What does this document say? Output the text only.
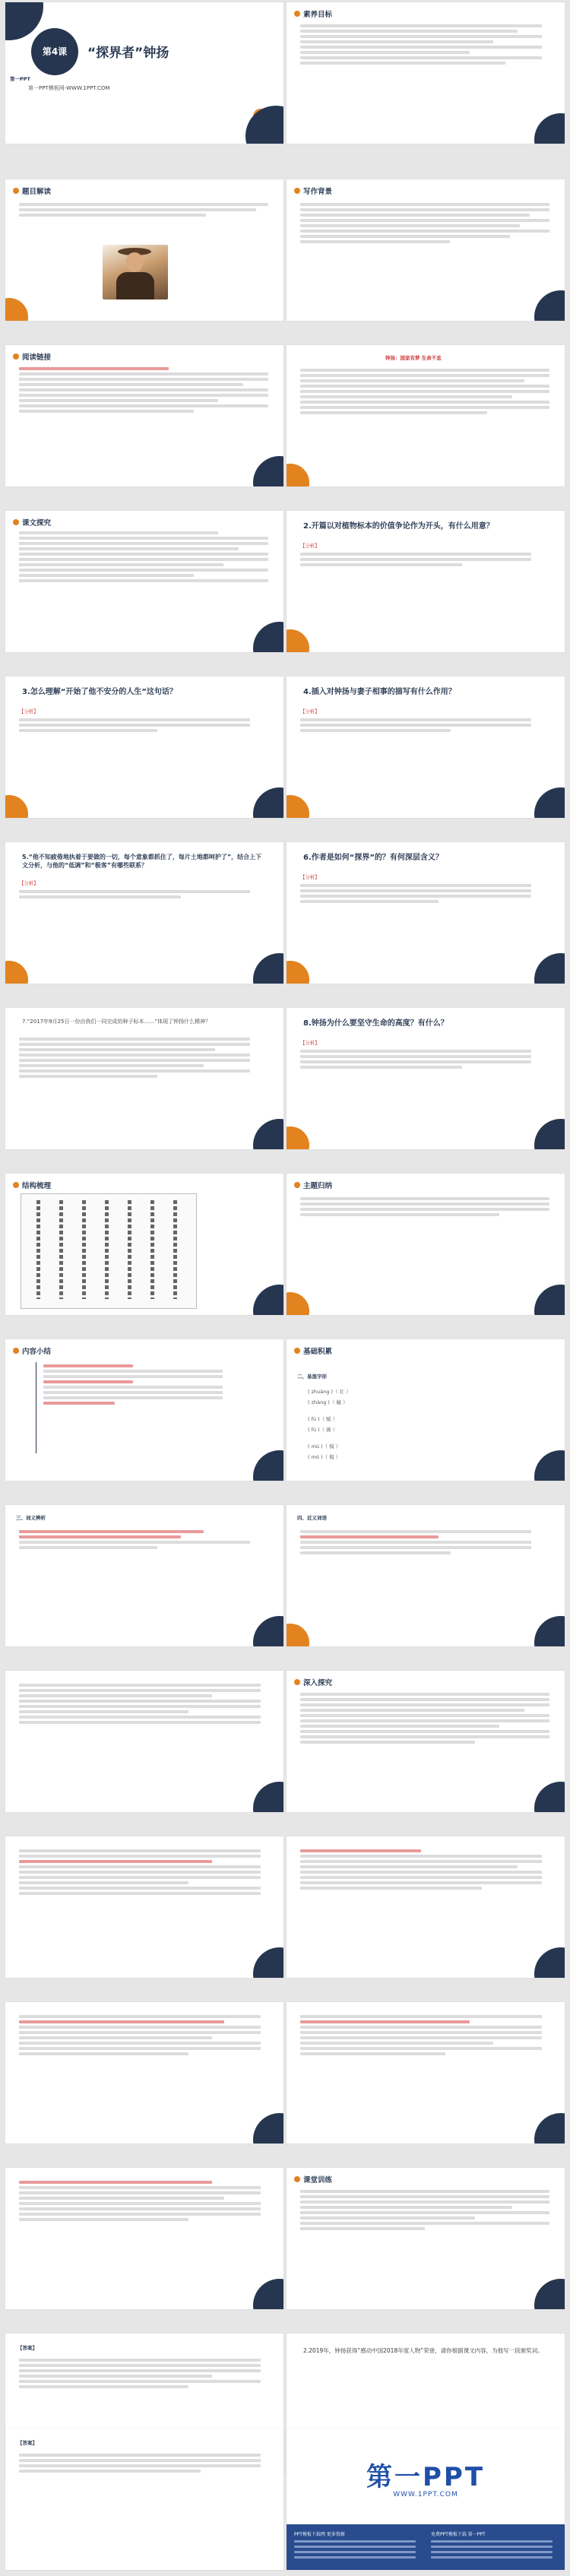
第一PPT
第4课	“探界者”钟扬
第一PPT模板网-WWW.1PPT.COM
素养目标
题目解读	写作背景
阅读链接	钟扬：国家有梦 生命不息
课文探究	2.开篇以对植物标本的价值争论作为开头，有什么用意？
【分析】
3.怎么理解“开始了他不安分的人生”这句话？
【分析】
4.插入对钟扬与妻子相事的描写有什么作用？
【分析】
5.“他不知疲倦地执着于要做的一切，每个意象都抓住了，每片土地都呵护了”，结合上下文分析，与他的“低调”和“极客”有哪些联系？
【分析】
6.作者是如何“探界”的？有何深层含义？
【分析】
7.“2017年9月25日一份由我们一同完成的种子标本……”体现了钟扬什么精神？	8.钟扬为什么要坚守生命的高度？有什么？
【分析】
结构梳理	主题归纳
内容小结	基础积累
二、易混字形
( zhuàng )（ 壮 ）
( zhàng )（ 幢 ）
( fù )（ 赋 ）
( fú )（ 拂 ）
( mú )（ 模 ）
( mó )（ 模 ）
三、词义辨析	四、近义词语
深入探究
课堂训练
【答案】	2.2019年，钟扬获得“感动中国2018年度人物”荣誉，请你根据课文内容，为他写一段颁奖词。
【答案】
第一PPT
WWW.1PPT.COM
PPT模板下载网 更多资源	免费PPT模板下载 第一PPT
